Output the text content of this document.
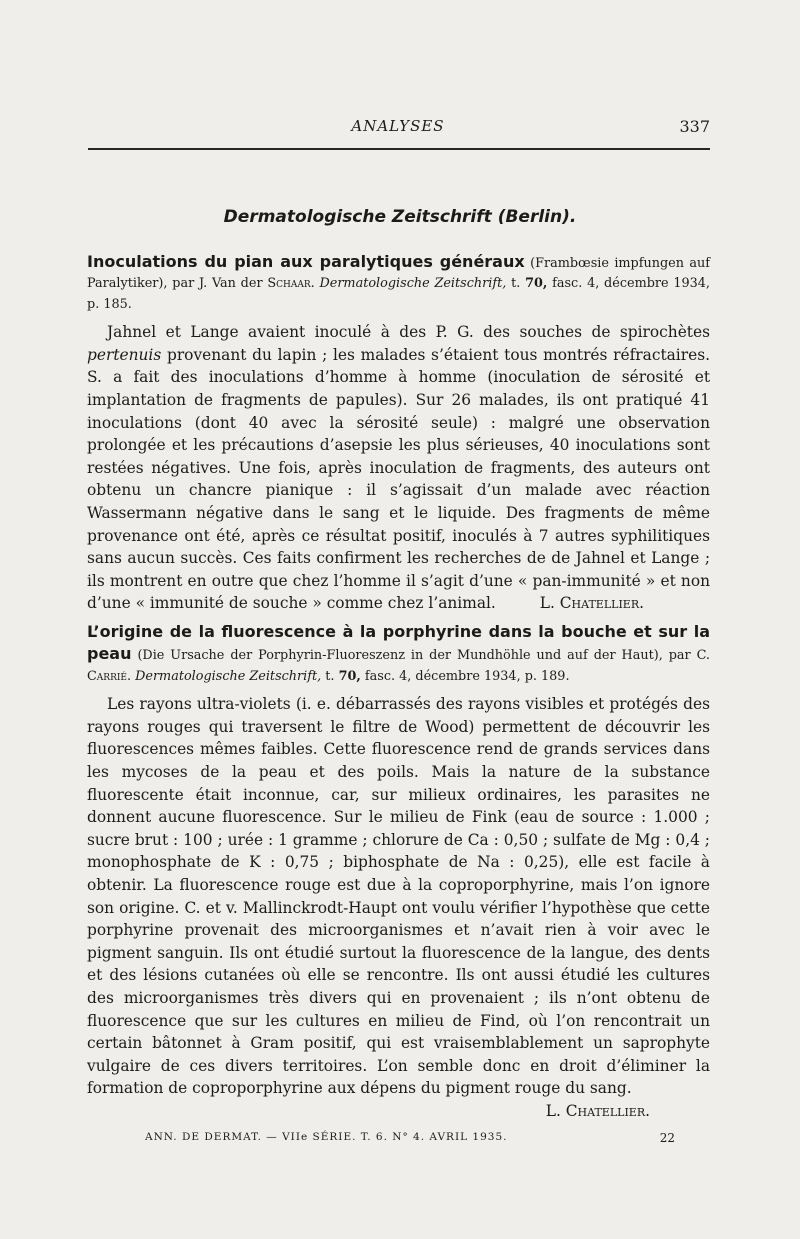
ANALYSES	337
Dermatologische Zeitschrift (Berlin).

Inoculations du pian aux paralytiques généraux (Frambœsie impfungen auf Paralytiker), par J. Van der Schaar. Dermatologische Zeitschrift, t. 70, fasc. 4, décembre 1934, p. 185.

Jahnel et Lange avaient inoculé à des P. G. des souches de spirochètes pertenuis provenant du lapin ; les malades s’étaient tous montrés réfractaires. S. a fait des inoculations d’homme à homme (inoculation de sérosité et implantation de fragments de papules). Sur 26 malades, ils ont pratiqué 41 inoculations (dont 40 avec la sérosité seule) : malgré une observation prolongée et les précautions d’asepsie les plus sérieuses, 40 inoculations sont restées négatives. Une fois, après inoculation de fragments, des auteurs ont obtenu un chancre pianique : il s’agissait d’un malade avec réaction Wassermann négative dans le sang et le liquide. Des fragments de même provenance ont été, après ce résultat positif, inoculés à 7 autres syphilitiques sans aucun succès. Ces faits confirment les recherches de de Jahnel et Lange ; ils montrent en outre que chez l’homme il s’agit d’une « pan-immunité » et non d’une « immunité de souche » comme chez l’animal.	L. Chatellier.

L’origine de la fluorescence à la porphyrine dans la bouche et sur la peau (Die Ursache der Porphyrin-Fluoreszenz in der Mundhöhle und auf der Haut), par C. Carrié. Dermatologische Zeitschrift, t. 70, fasc. 4, décembre 1934, p. 189.

Les rayons ultra-violets (i. e. débarrassés des rayons visibles et protégés des rayons rouges qui traversent le filtre de Wood) permettent de découvrir les fluorescences mêmes faibles. Cette fluorescence rend de grands services dans les mycoses de la peau et des poils. Mais la nature de la substance fluorescente était inconnue, car, sur milieux ordinaires, les parasites ne donnent aucune fluorescence. Sur le milieu de Fink (eau de source : 1.000 ; sucre brut : 100 ; urée : 1 gramme ; chlorure de Ca : 0,50 ; sulfate de Mg : 0,4 ; monophosphate de K : 0,75 ; biphosphate de Na : 0,25), elle est facile à obtenir. La fluorescence rouge est due à la coproporphyrine, mais l’on ignore son origine. C. et v. Mallinckrodt-Haupt ont voulu vérifier l’hypothèse que cette porphyrine provenait des microorganismes et n’avait rien à voir avec le pigment sanguin. Ils ont étudié surtout la fluorescence de la langue, des dents et des lésions cutanées où elle se rencontre. Ils ont aussi étudié les cultures des microorganismes très divers qui en provenaient ; ils n’ont obtenu de fluorescence que sur les cultures en milieu de Find, où l’on rencontrait un certain bâtonnet à Gram positif, qui est vraisemblablement un saprophyte vulgaire de ces divers territoires. L’on semble donc en droit d’éliminer la formation de coproporphyrine aux dépens du pigment rouge du sang.

L. Chatellier.
ANN. DE DERMAT. — VIIe SÉRIE. T. 6. N° 4. AVRIL 1935.	22
